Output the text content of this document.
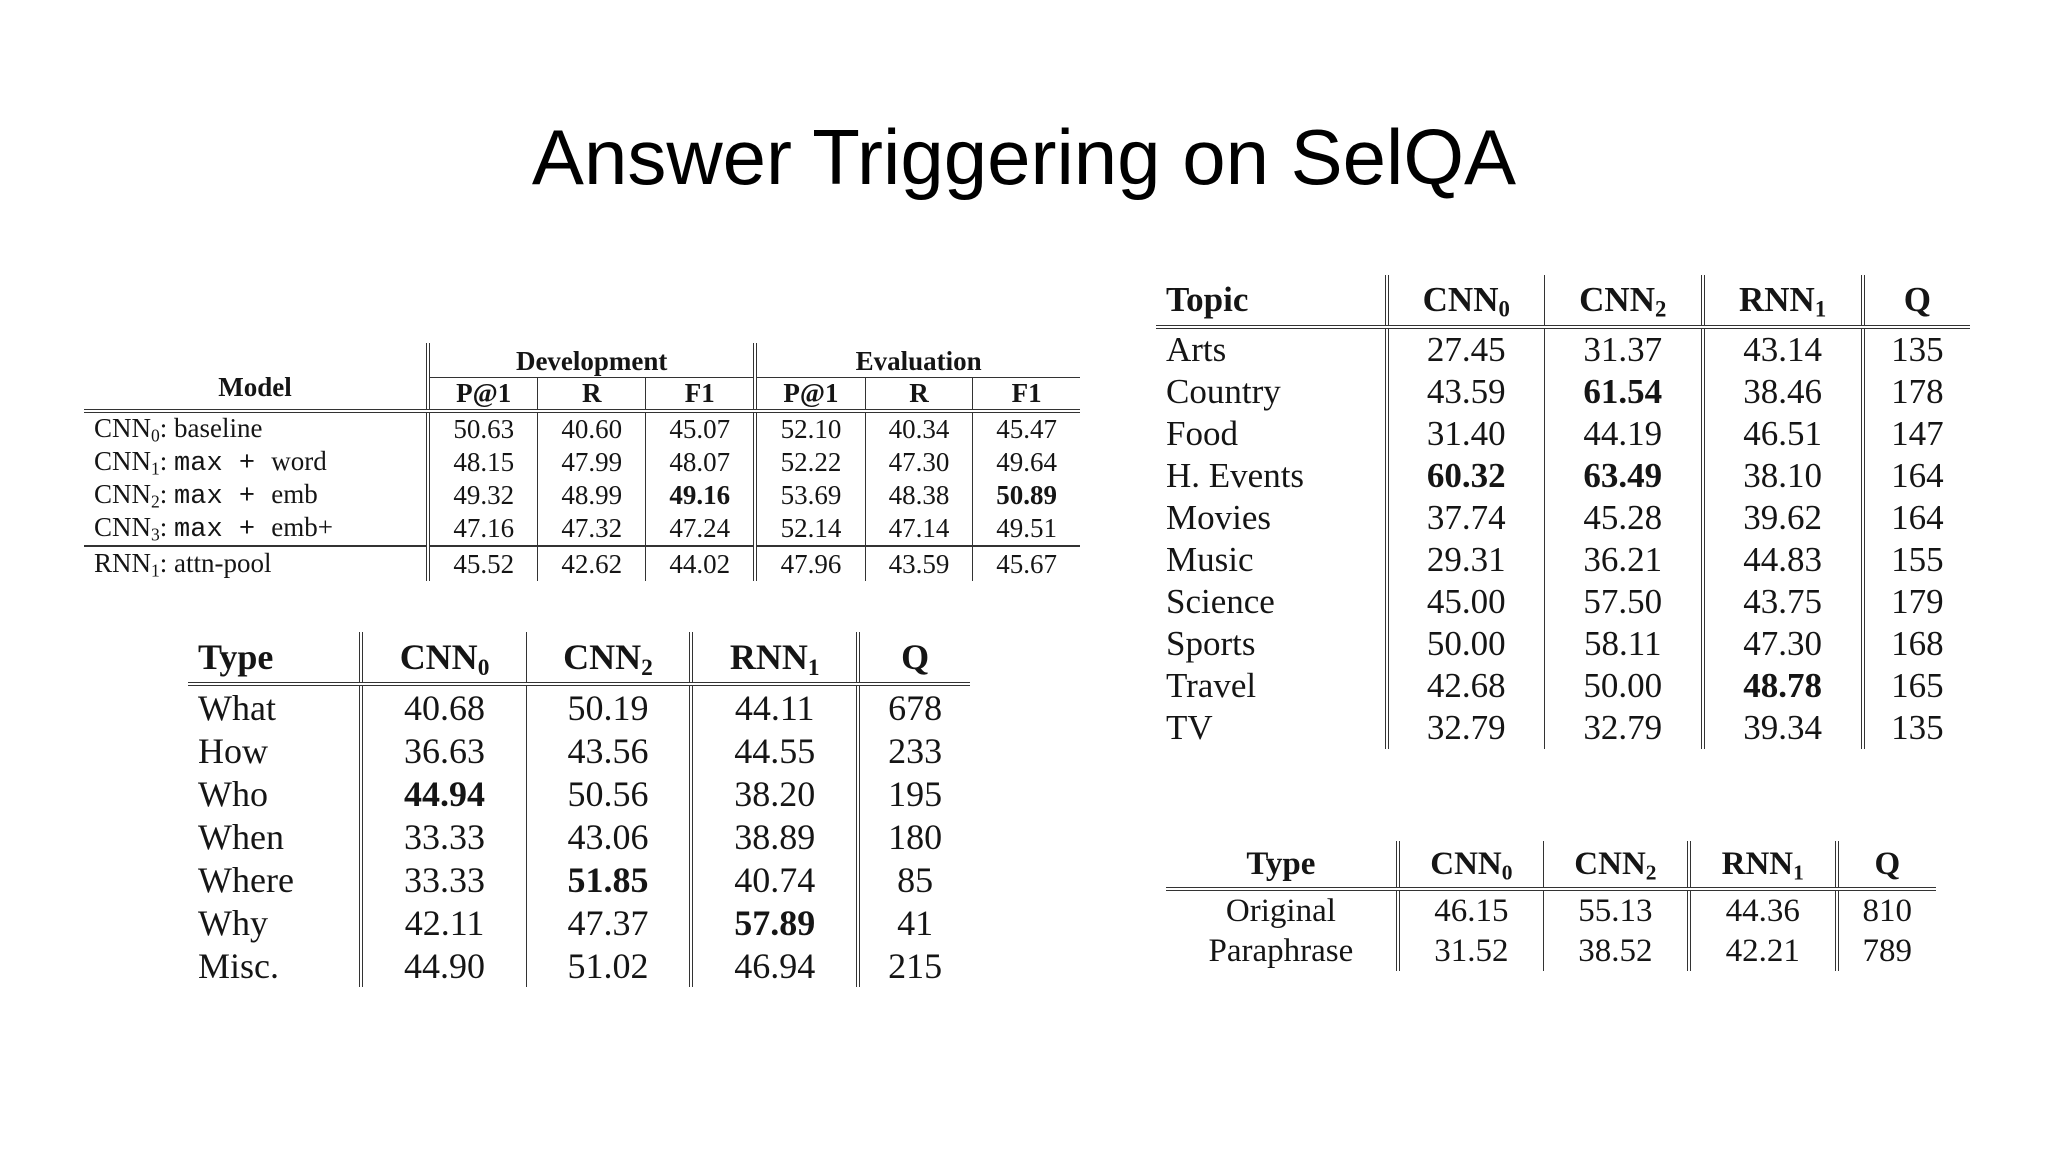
Answer Triggering on SelQA
Model	Development			Evaluation		
	P@1	R	F1	P@1	R	F1
$CNN_0$: baseline	50.63	40.60	45.07	52.10	40.34	45.47
$CNN_1$: max + word	48.15	47.99	48.07	52.22	47.30	49.64
$CNN_2$: max + emb	49.32	48.99	49.16	53.69	48.38	50.89
$CNN_3$: max + emb+	47.16	47.32	47.24	52.14	47.14	49.51
$RNN_1$: attn-pool	45.52	42.62	44.02	47.96	43.59	45.67
Type	$CNN_0$	$CNN_2$	$RNN_1$	Q
What	40.68	50.19	44.11	678
How	36.63	43.56	44.55	233
Who	44.94	50.56	38.20	195
When	33.33	43.06	38.89	180
Where	33.33	51.85	40.74	85
Why	42.11	47.37	57.89	41
Misc.	44.90	51.02	46.94	215
Topic	$CNN_0$	$CNN_2$	$RNN_1$	Q
Arts	27.45	31.37	43.14	135
Country	43.59	61.54	38.46	178
Food	31.40	44.19	46.51	147
H. Events	60.32	63.49	38.10	164
Movies	37.74	45.28	39.62	164
Music	29.31	36.21	44.83	155
Science	45.00	57.50	43.75	179
Sports	50.00	58.11	47.30	168
Travel	42.68	50.00	48.78	165
TV	32.79	32.79	39.34	135
Type	$CNN_0$	$CNN_2$	$RNN_1$	Q
Original	46.15	55.13	44.36	810
Paraphrase	31.52	38.52	42.21	789
